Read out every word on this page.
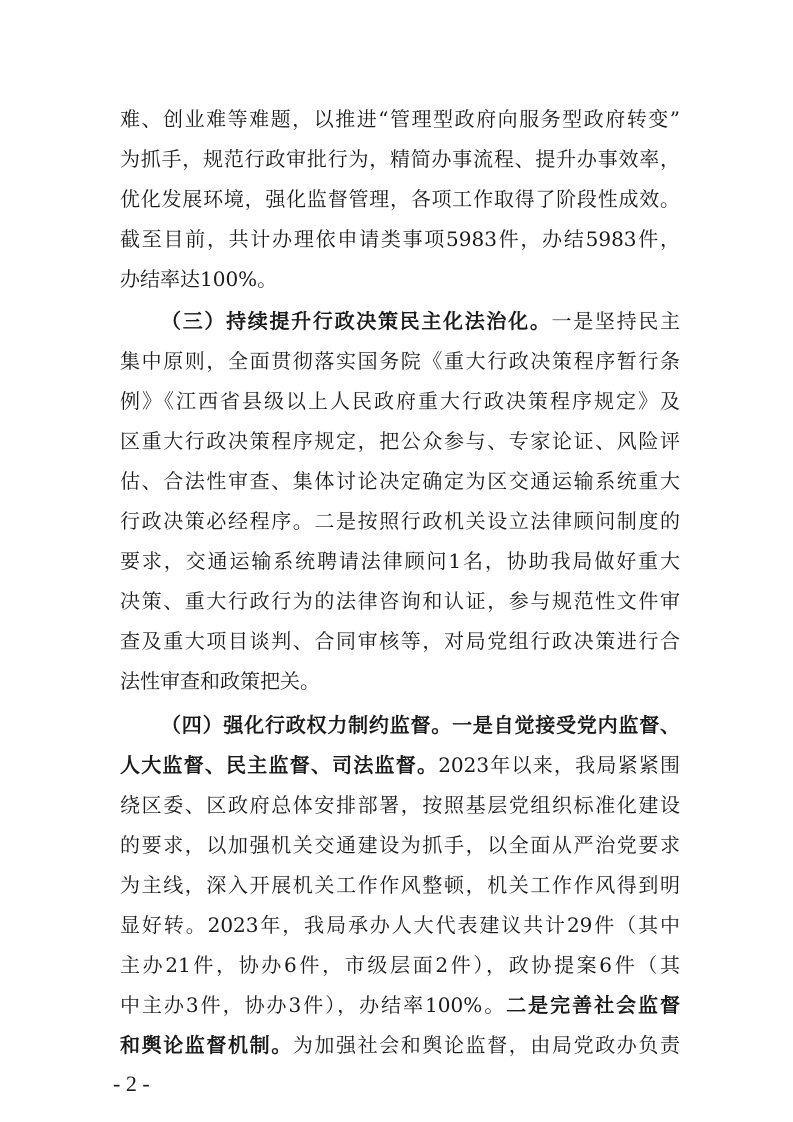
难、创业难等难题，以推进“管理型政府向服务型政府转变”
为抓手，规范行政审批行为，精简办事流程、提升办事效率，
优化发展环境，强化监督管理，各项工作取得了阶段性成效。
截至目前，共计办理依申请类事项5983件，办结5983件，
办结率达100%。
（三）持续提升行政决策民主化法治化。一是坚持民主
集中原则，全面贯彻落实国务院《重大行政决策程序暂行条
例》《江西省县级以上人民政府重大行政决策程序规定》及
区重大行政决策程序规定，把公众参与、专家论证、风险评
估、合法性审查、集体讨论决定确定为区交通运输系统重大
行政决策必经程序。二是按照行政机关设立法律顾问制度的
要求，交通运输系统聘请法律顾问1名，协助我局做好重大
决策、重大行政行为的法律咨询和认证，参与规范性文件审
查及重大项目谈判、合同审核等，对局党组行政决策进行合
法性审查和政策把关。
（四）强化行政权力制约监督。一是自觉接受党内监督、
人大监督、民主监督、司法监督。2023年以来，我局紧紧围
绕区委、区政府总体安排部署，按照基层党组织标准化建设
的要求，以加强机关交通建设为抓手，以全面从严治党要求
为主线，深入开展机关工作作风整顿，机关工作作风得到明
显好转。2023年，我局承办人大代表建议共计29件（其中
主办21件，协办6件，市级层面2件），政协提案6件（其
中主办3件，协办3件），办结率100%。二是完善社会监督
和舆论监督机制。为加强社会和舆论监督，由局党政办负责
- 2 -
